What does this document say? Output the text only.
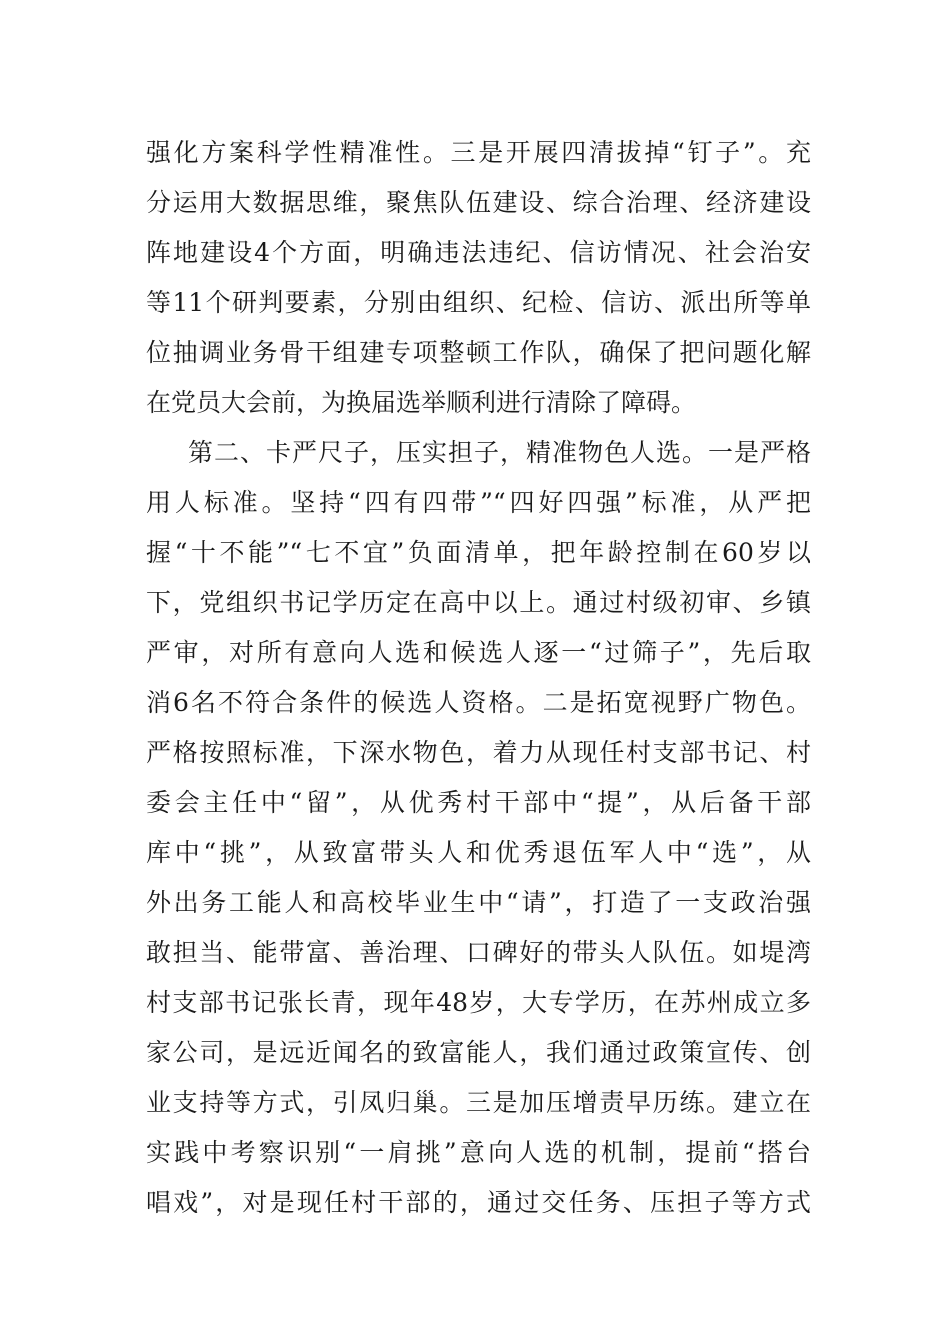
强化方案科学性精准性。三是开展四清拔掉“钉子”。充
分运用大数据思维，聚焦队伍建设、综合治理、经济建设
阵地建设4个方面，明确违法违纪、信访情况、社会治安
等11个研判要素，分别由组织、纪检、信访、派出所等单
位抽调业务骨干组建专项整顿工作队，确保了把问题化解
在党员大会前，为换届选举顺利进行清除了障碍。
第二、卡严尺子，压实担子，精准物色人选。一是严格
用人标准。坚持“四有四带”“四好四强”标准，从严把
握“十不能”“七不宜”负面清单，把年龄控制在60岁以
下，党组织书记学历定在高中以上。通过村级初审、乡镇
严审，对所有意向人选和候选人逐一“过筛子”，先后取
消6名不符合条件的候选人资格。二是拓宽视野广物色。
严格按照标准，下深水物色，着力从现任村支部书记、村
委会主任中“留”，从优秀村干部中“提”，从后备干部
库中“挑”，从致富带头人和优秀退伍军人中“选”，从
外出务工能人和高校毕业生中“请”，打造了一支政治强
敢担当、能带富、善治理、口碑好的带头人队伍。如堤湾
村支部书记张长青，现年48岁，大专学历，在苏州成立多
家公司，是远近闻名的致富能人，我们通过政策宣传、创
业支持等方式，引凤归巢。三是加压增责早历练。建立在
实践中考察识别“一肩挑”意向人选的机制，提前“搭台
唱戏”，对是现任村干部的，通过交任务、压担子等方式
